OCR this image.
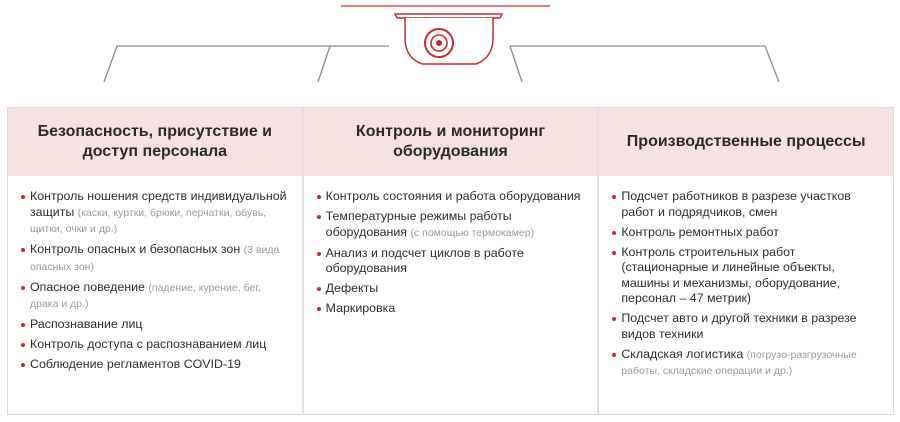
Безопасность, присутствие и доступ персонала
Контроль ношения средств индивидуальной защиты (каски, куртки, брюки, перчатки, обувь, щитки, очки и др.)
Контроль опасных и безопасных зон (3 вида опасных зон)
Опасное поведение (падение, курение, бег, драка и др.)
Распознавание лиц
Контроль доступа с распознаванием лиц
Соблюдение регламентов COVID-19
Контроль и мониторинг оборудования
Контроль состояния и работа оборудования
Температурные режимы работы оборудования (с помощью термокамер)
Анализ и подсчет циклов в работе оборудования
Дефекты
Маркировка
Производственные процессы
Подсчет работников в разрезе участков работ и подрядчиков, смен
Контроль ремонтных работ
Контроль строительных работ (стационарные и линейные объекты, машины и механизмы, оборудование, персонал – 47 метрик)
Подсчет авто и другой техники в разрезе видов техники
Складская логистика (погрузо-разгрузочные работы, складские операции и др.)
